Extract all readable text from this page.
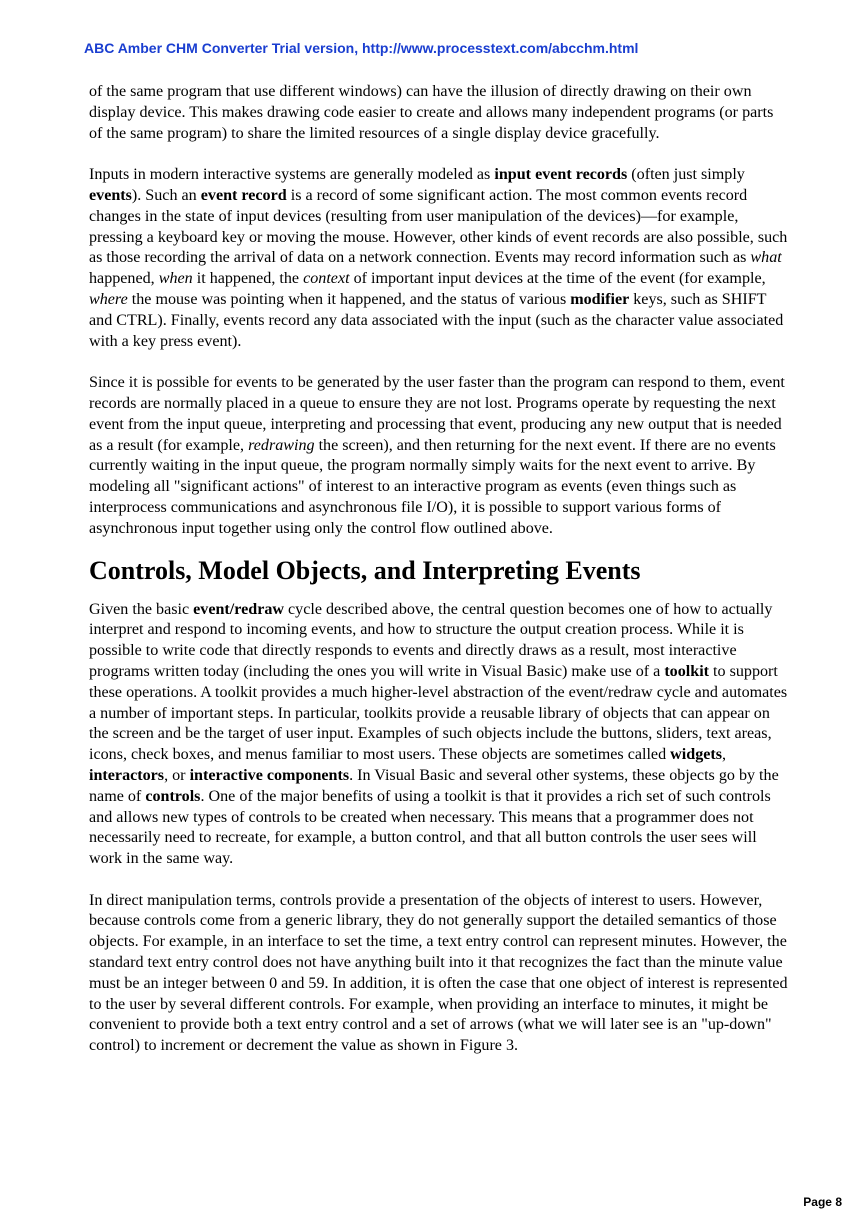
ABC Amber CHM Converter Trial version, http://www.processtext.com/abcchm.html

of the same program that use different windows) can have the illusion of directly drawing on their own display device. This makes drawing code easier to create and allows many independent programs (or parts of the same program) to share the limited resources of a single display device gracefully.

Inputs in modern interactive systems are generally modeled as input event records (often just simply events). Such an event record is a record of some significant action. The most common events record changes in the state of input devices (resulting from user manipulation of the devices)—for example, pressing a keyboard key or moving the mouse. However, other kinds of event records are also possible, such as those recording the arrival of data on a network connection. Events may record information such as what happened, when it happened, the context of important input devices at the time of the event (for example, where the mouse was pointing when it happened, and the status of various modifier keys, such as SHIFT and CTRL). Finally, events record any data associated with the input (such as the character value associated with a key press event).

Since it is possible for events to be generated by the user faster than the program can respond to them, event records are normally placed in a queue to ensure they are not lost. Programs operate by requesting the next event from the input queue, interpreting and processing that event, producing any new output that is needed as a result (for example, redrawing the screen), and then returning for the next event. If there are no events currently waiting in the input queue, the program normally simply waits for the next event to arrive. By modeling all "significant actions" of interest to an interactive program as events (even things such as interprocess communications and asynchronous file I/O), it is possible to support various forms of asynchronous input together using only the control flow outlined above.

Controls, Model Objects, and Interpreting Events

Given the basic event/redraw cycle described above, the central question becomes one of how to actually interpret and respond to incoming events, and how to structure the output creation process. While it is possible to write code that directly responds to events and directly draws as a result, most interactive programs written today (including the ones you will write in Visual Basic) make use of a toolkit to support these operations. A toolkit provides a much higher-level abstraction of the event/redraw cycle and automates a number of important steps. In particular, toolkits provide a reusable library of objects that can appear on the screen and be the target of user input. Examples of such objects include the buttons, sliders, text areas, icons, check boxes, and menus familiar to most users. These objects are sometimes called widgets, interactors, or interactive components. In Visual Basic and several other systems, these objects go by the name of controls. One of the major benefits of using a toolkit is that it provides a rich set of such controls and allows new types of controls to be created when necessary. This means that a programmer does not necessarily need to recreate, for example, a button control, and that all button controls the user sees will work in the same way.

In direct manipulation terms, controls provide a presentation of the objects of interest to users. However, because controls come from a generic library, they do not generally support the detailed semantics of those objects. For example, in an interface to set the time, a text entry control can represent minutes. However, the standard text entry control does not have anything built into it that recognizes the fact than the minute value must be an integer between 0 and 59. In addition, it is often the case that one object of interest is represented to the user by several different controls. For example, when providing an interface to minutes, it might be convenient to provide both a text entry control and a set of arrows (what we will later see is an "up-down" control) to increment or decrement the value as shown in Figure 3.

Page 8
